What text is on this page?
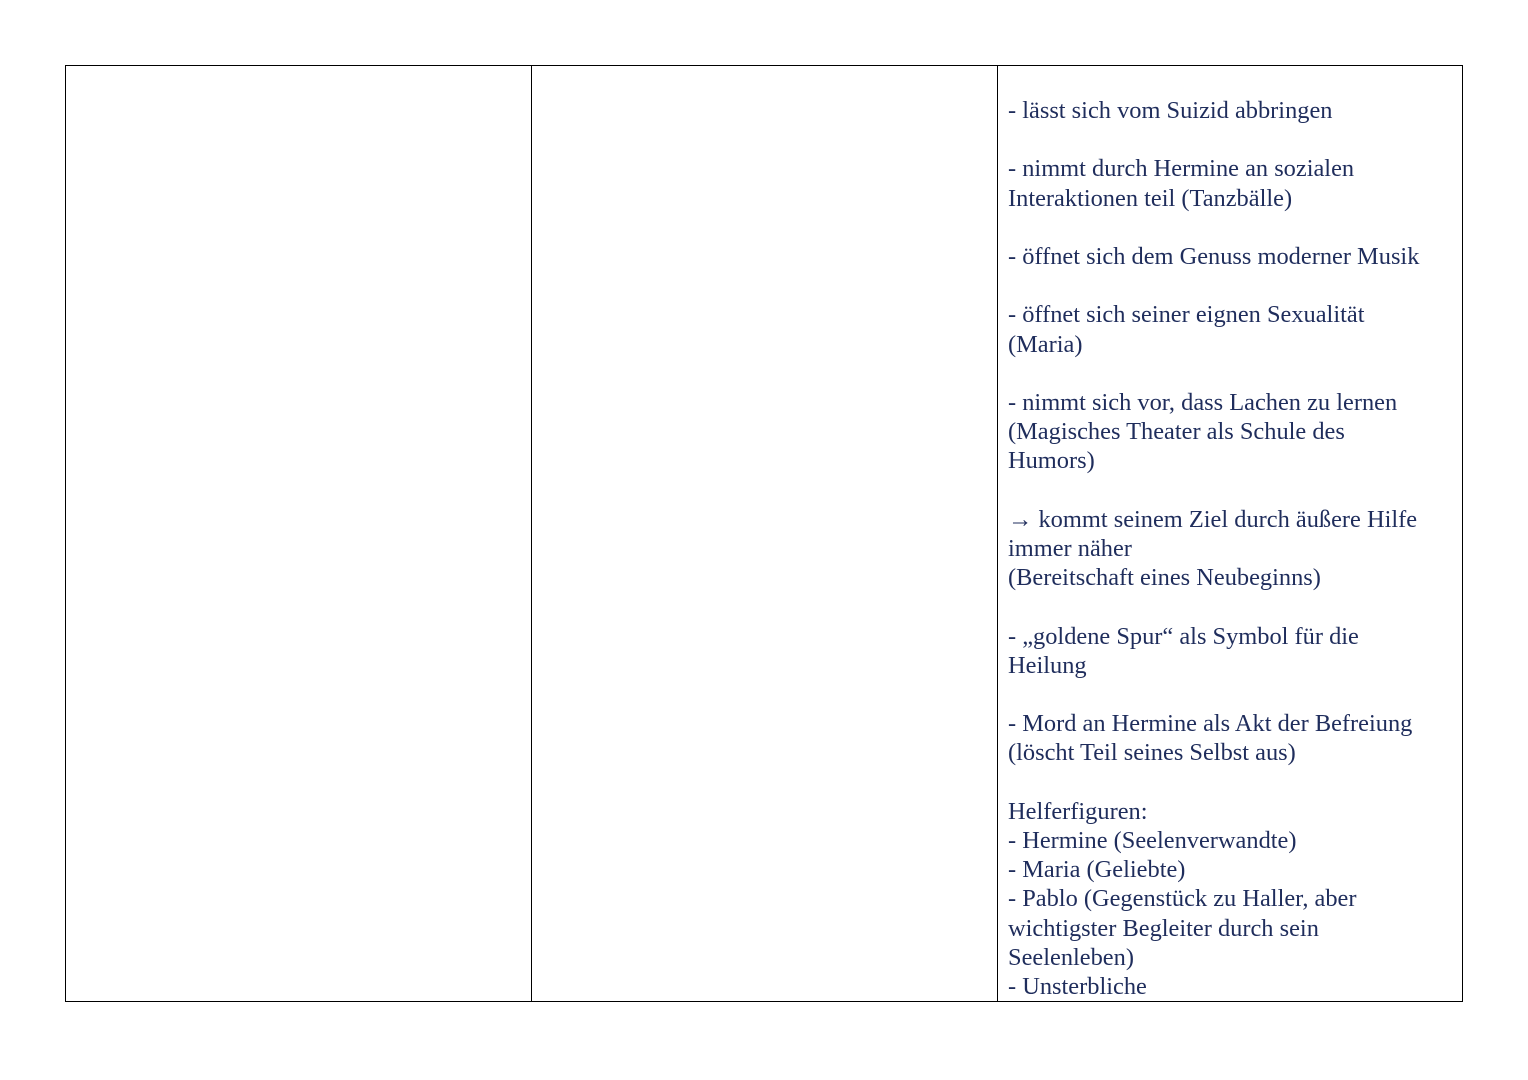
- lässt sich vom Suizid abbringen
- nimmt durch Hermine an sozialen
Interaktionen teil (Tanzbälle)
- öffnet sich dem Genuss moderner Musik
- öffnet sich seiner eignen Sexualität
(Maria)
- nimmt sich vor, dass Lachen zu lernen
(Magisches Theater als Schule des
Humors)
→ kommt seinem Ziel durch äußere Hilfe
immer näher
(Bereitschaft eines Neubeginns)
- „goldene Spur“ als Symbol für die
Heilung
- Mord an Hermine als Akt der Befreiung
(löscht Teil seines Selbst aus)
Helferfiguren:
- Hermine (Seelenverwandte)
- Maria (Geliebte)
- Pablo (Gegenstück zu Haller, aber
wichtigster Begleiter durch sein
Seelenleben)
- Unsterbliche
